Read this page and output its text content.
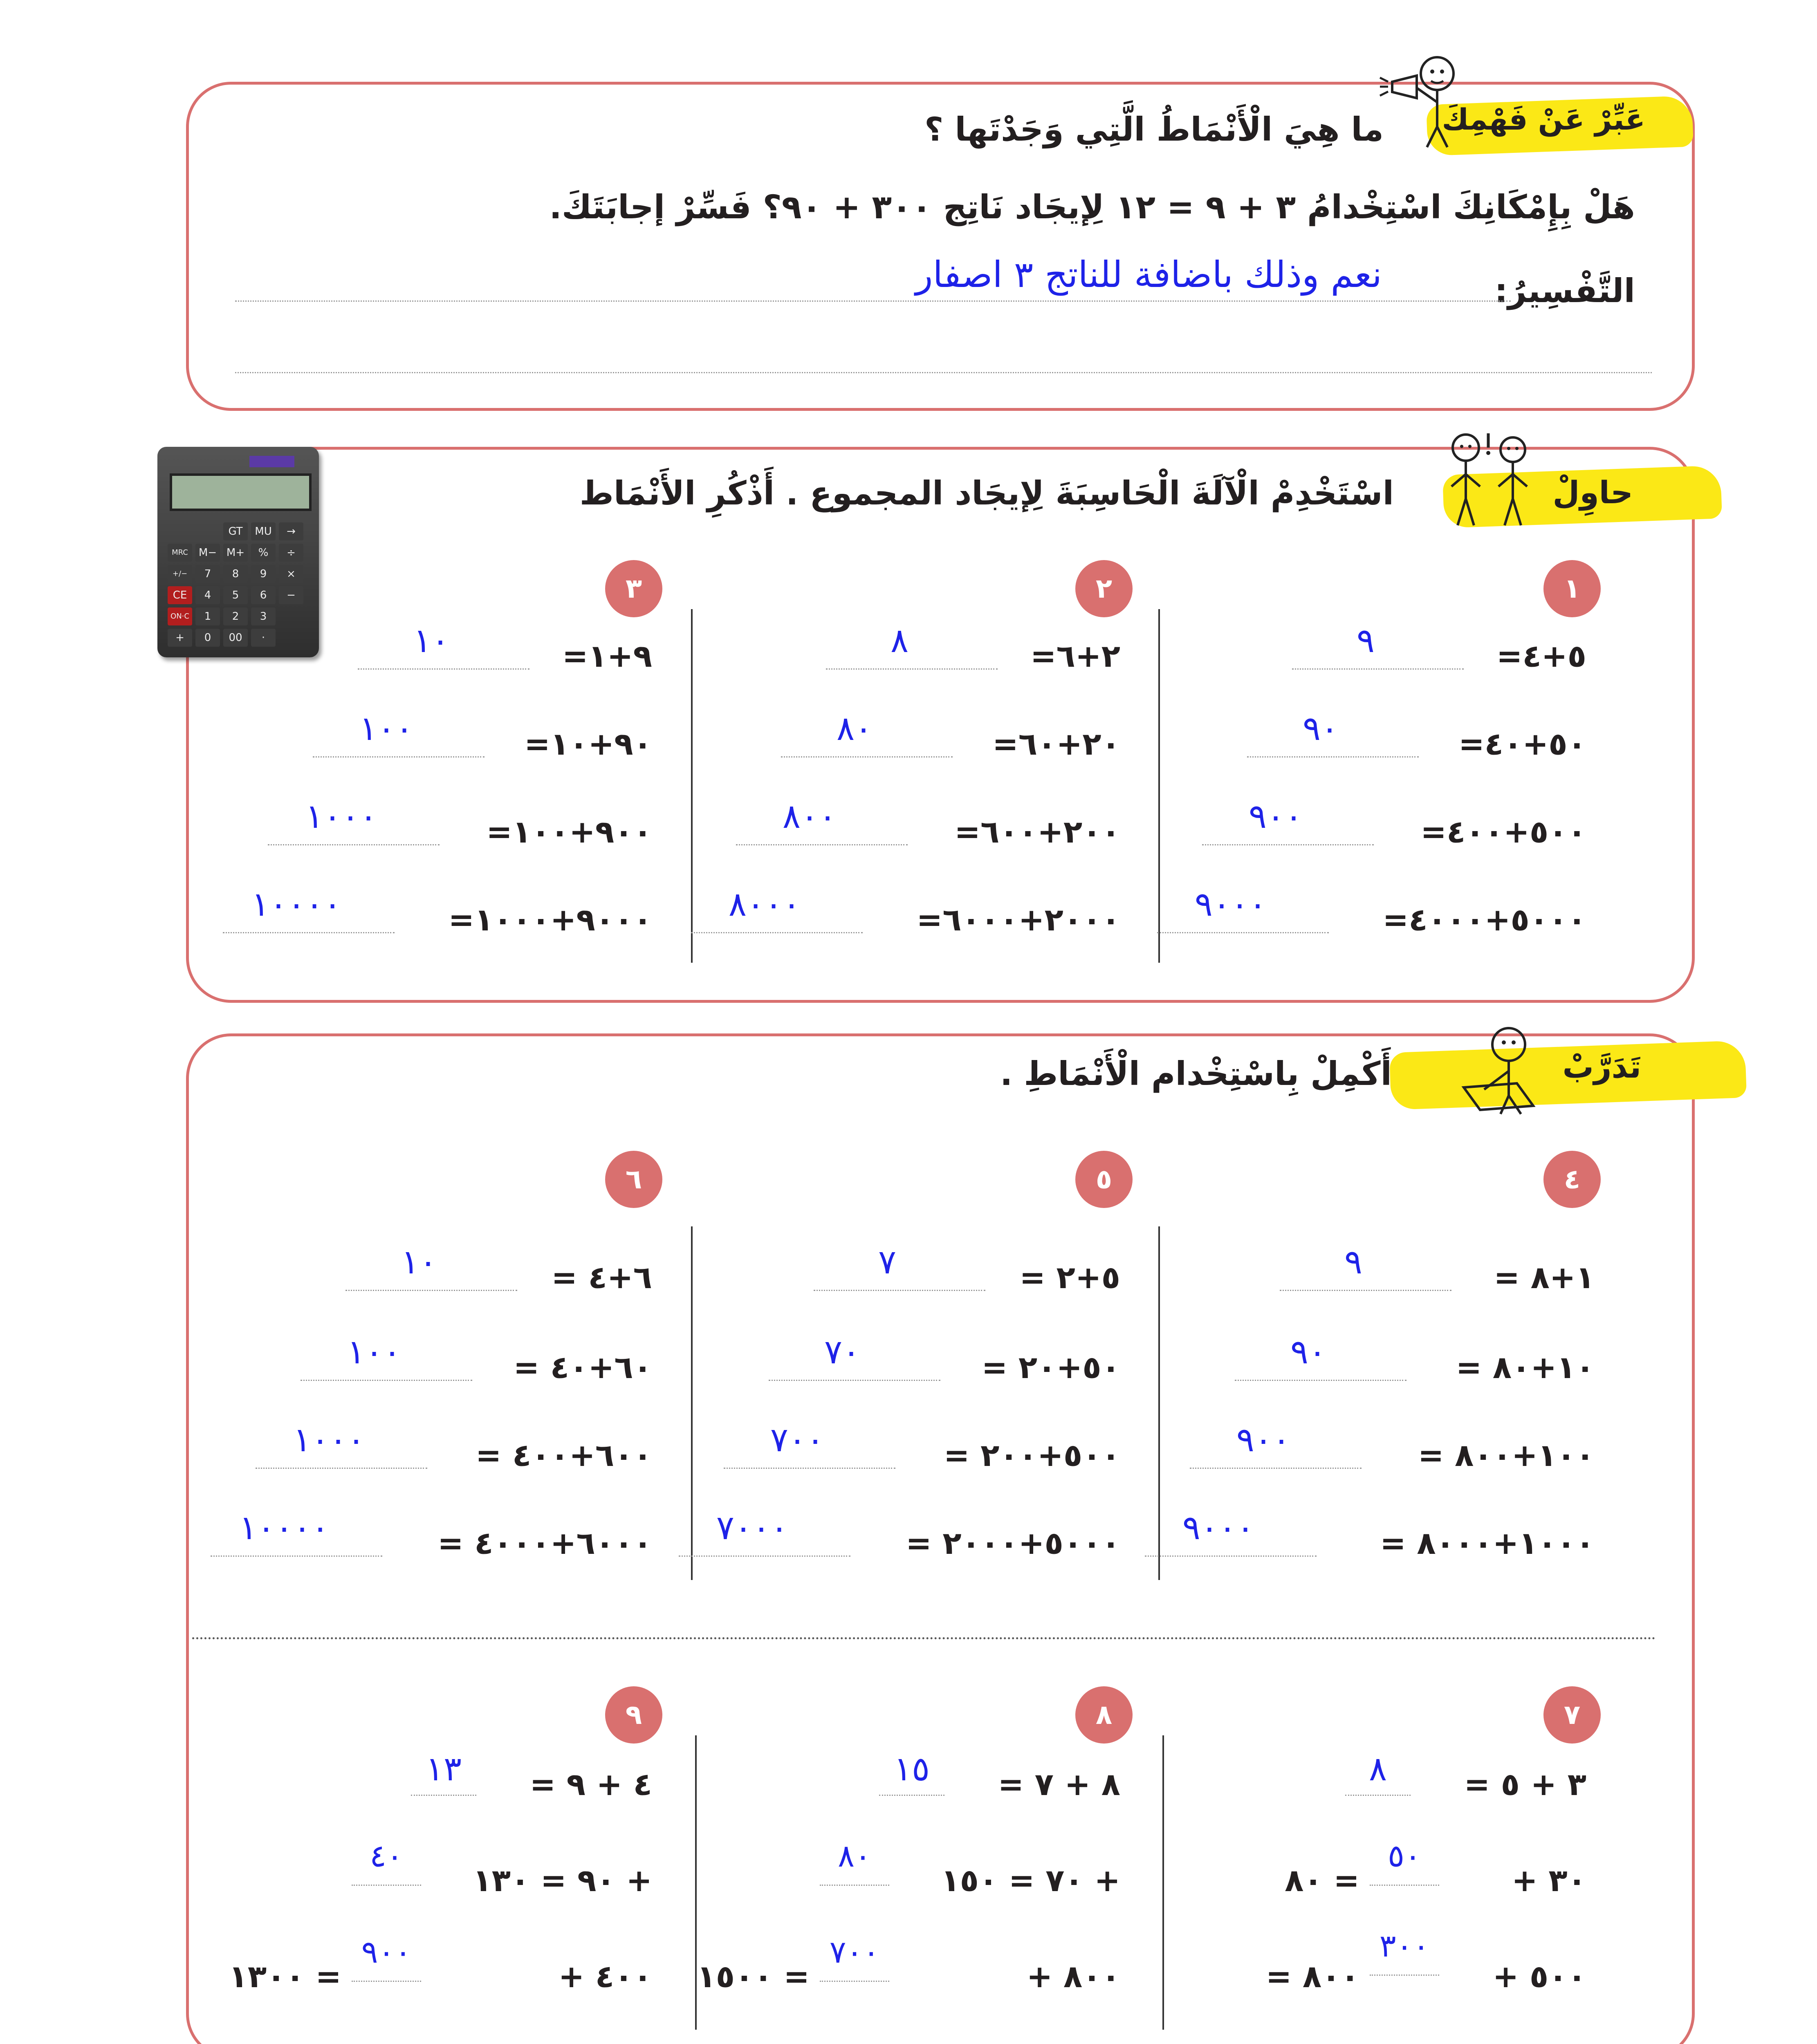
عَبِّرْ عَنْ فَهْمِكَ
ما هِيَ الْأَنْمَاطُ الَّتِي وَجَدْتَها ؟
هَلْ بِإِمْكَانِكَ اسْتِخْدامُ ٣ + ٩ = ١٢ لِإيجَاد نَاتِج ٣٠٠ + ٩٠؟ فَسِّرْ إجابَتَكَ.
التَّفْسِيرُ:
نعم وذلك باضافة للناتج ٣ اصفار
حاوِلْ
اسْتَخْدِمْ الْآلَةَ الْحَاسِبَةَ لِإيجَاد المجموع . أَذْكُرِ الأَنْمَاط
GT	MU	→
MRC	M− M+	%	÷
+/−	7	8	9	×
CE	4	5	6	−
ON·C	1	2	3
+	0	00	·
تَدَرَّبْ
أَكْمِلْ بِاسْتِخْدام الْأَنْمَاطِ .
١
٥+٤=
٩
٥٠+٤٠=
٩٠
٥٠٠+٤٠٠=
٩٠٠
٥٠٠٠+٤٠٠٠=
٩٠٠٠
٢
٢+٦=
٨
٢٠+٦٠=
٨٠
٢٠٠+٦٠٠=
٨٠٠
٢٠٠٠+٦٠٠٠=
٨٠٠٠
٣
٩+١=
١٠
٩٠+١٠=
١٠٠
٩٠٠+١٠٠=
١٠٠٠
٩٠٠٠+١٠٠٠=
١٠٠٠٠
٤
١+٨ =
٩
١٠+٨٠ =
٩٠
١٠٠+٨٠٠ =
٩٠٠
١٠٠٠+٨٠٠٠ =
٩٠٠٠
٥
٥+٢ =
٧
٥٠+٢٠ =
٧٠
٥٠٠+٢٠٠ =
٧٠٠
٥٠٠٠+٢٠٠٠ =
٧٠٠٠
٦
٦+٤ =
١٠
٦٠+٤٠ =
١٠٠
٦٠٠+٤٠٠ =
١٠٠٠
٦٠٠٠+٤٠٠٠ =
١٠٠٠٠
٧
٣ + ٥ =
٨
٣٠ +
٥٠
= ٨٠
٥٠٠ +
٣٠٠
٨٠٠ =
٨
٨ + ٧ =
١٥
+ ٧٠ = ١٥٠
٨٠
٨٠٠ +
٧٠٠
= ١٥٠٠
٩
٤ + ٩ =
١٣
+ ٩٠ = ١٣٠
٤٠
٤٠٠ +
٩٠٠
= ١٣٠٠
